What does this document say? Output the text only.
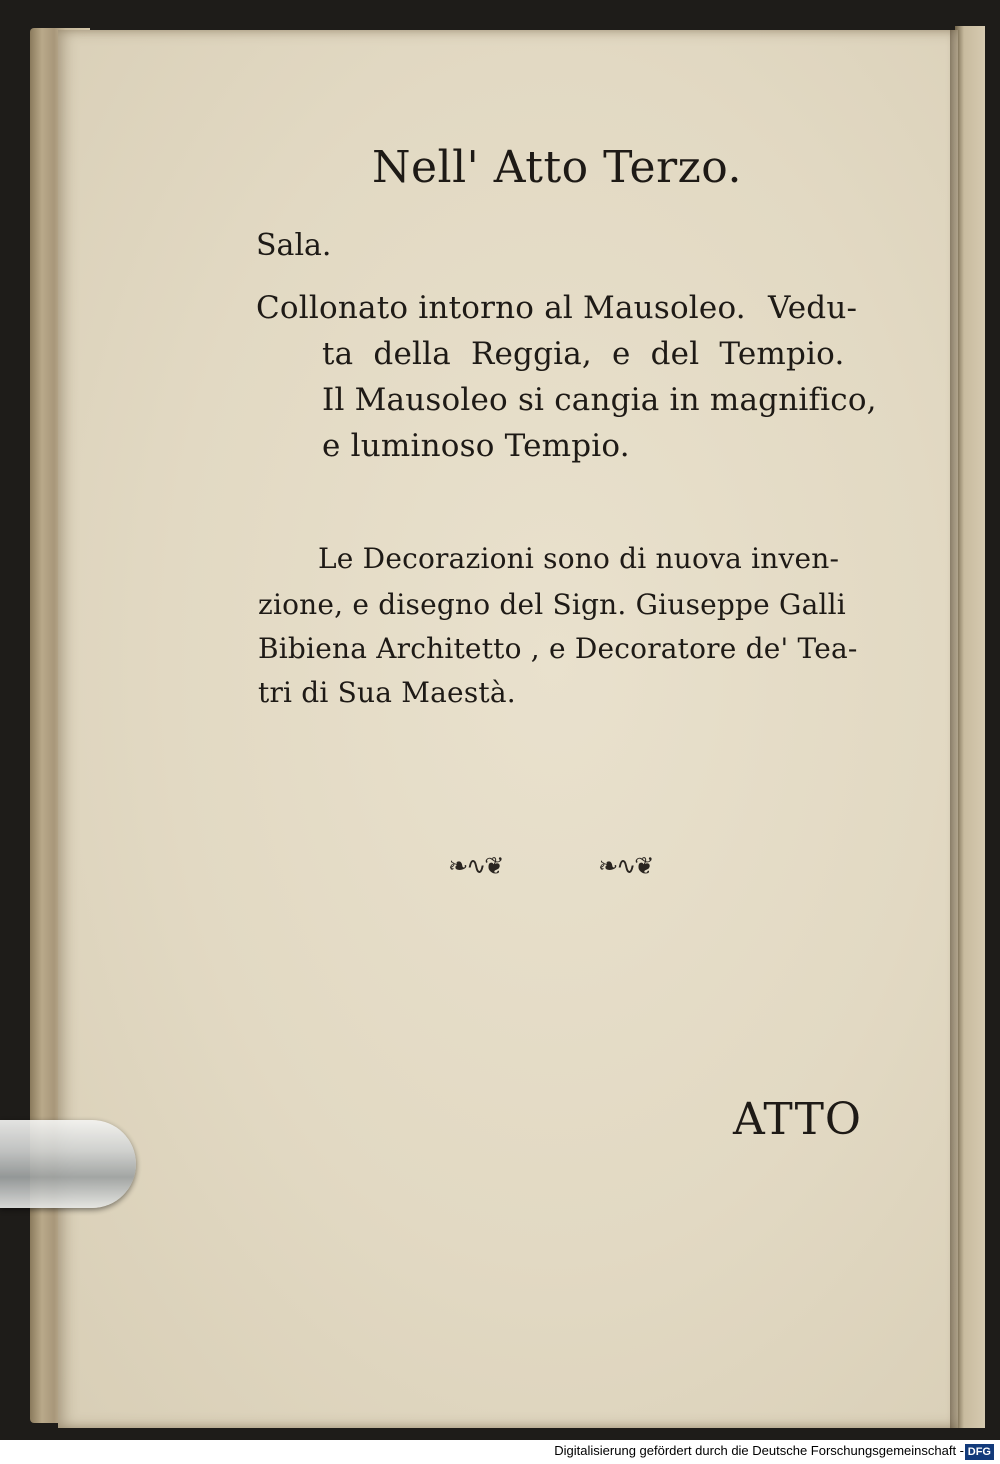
Nell' Atto Terzo.
Sala.
Collonato intorno al Mausoleo. Vedu-
ta della Reggia, e del Tempio.
Il Mausoleo si cangia in magnifico,
e luminoso Tempio.
Le Decorazioni sono di nuova inven-
zione, e disegno del Sign. Giuseppe Galli
Bibiena Architetto , e Decoratore de' Tea-
tri di Sua Maestà.
❧∿❦	❧∿❦
ATTO
Digitalisierung gefördert durch die Deutsche Forschungsgemeinschaft - DFG
